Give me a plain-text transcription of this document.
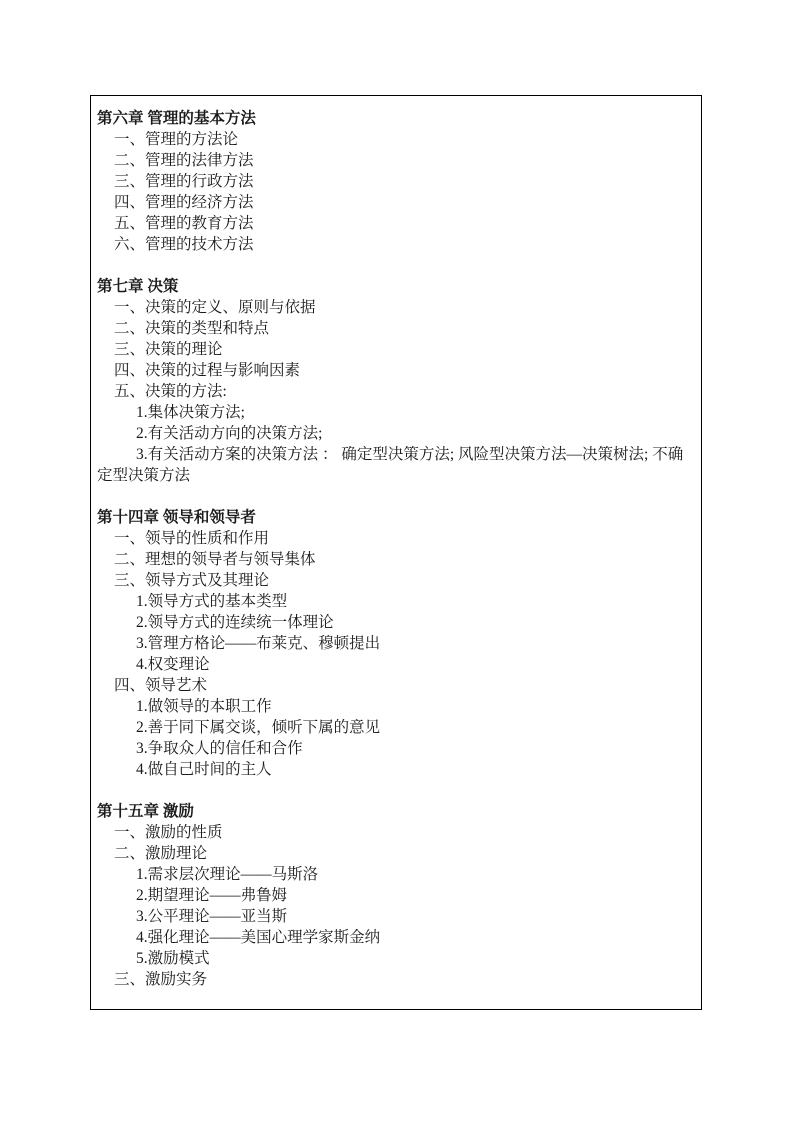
第六章 管理的基本方法
一、管理的方法论
二、管理的法律方法
三、管理的行政方法
四、管理的经济方法
五、管理的教育方法
六、管理的技术方法
第七章 决策
一、决策的定义、原则与依据
二、决策的类型和特点
三、决策的理论
四、决策的过程与影响因素
五、决策的方法:
1.集体决策方法;
2.有关活动方向的决策方法;
3.有关活动方案的决策方法 ： 确定型决策方法; 风险型决策方法—决策树法; 不确定型决策方法
第十四章 领导和领导者
一、领导的性质和作用
二、理想的领导者与领导集体
三、领导方式及其理论
1.领导方式的基本类型
2.领导方式的连续统一体理论
3.管理方格论——布莱克、穆顿提出
4.权变理论
四、领导艺术
1.做领导的本职工作
2.善于同下属交谈，倾听下属的意见
3.争取众人的信任和合作
4.做自己时间的主人
第十五章 激励
一、激励的性质
二、激励理论
1.需求层次理论——马斯洛
2.期望理论——弗鲁姆
3.公平理论——亚当斯
4.强化理论——美国心理学家斯金纳
5.激励模式
三、激励实务
